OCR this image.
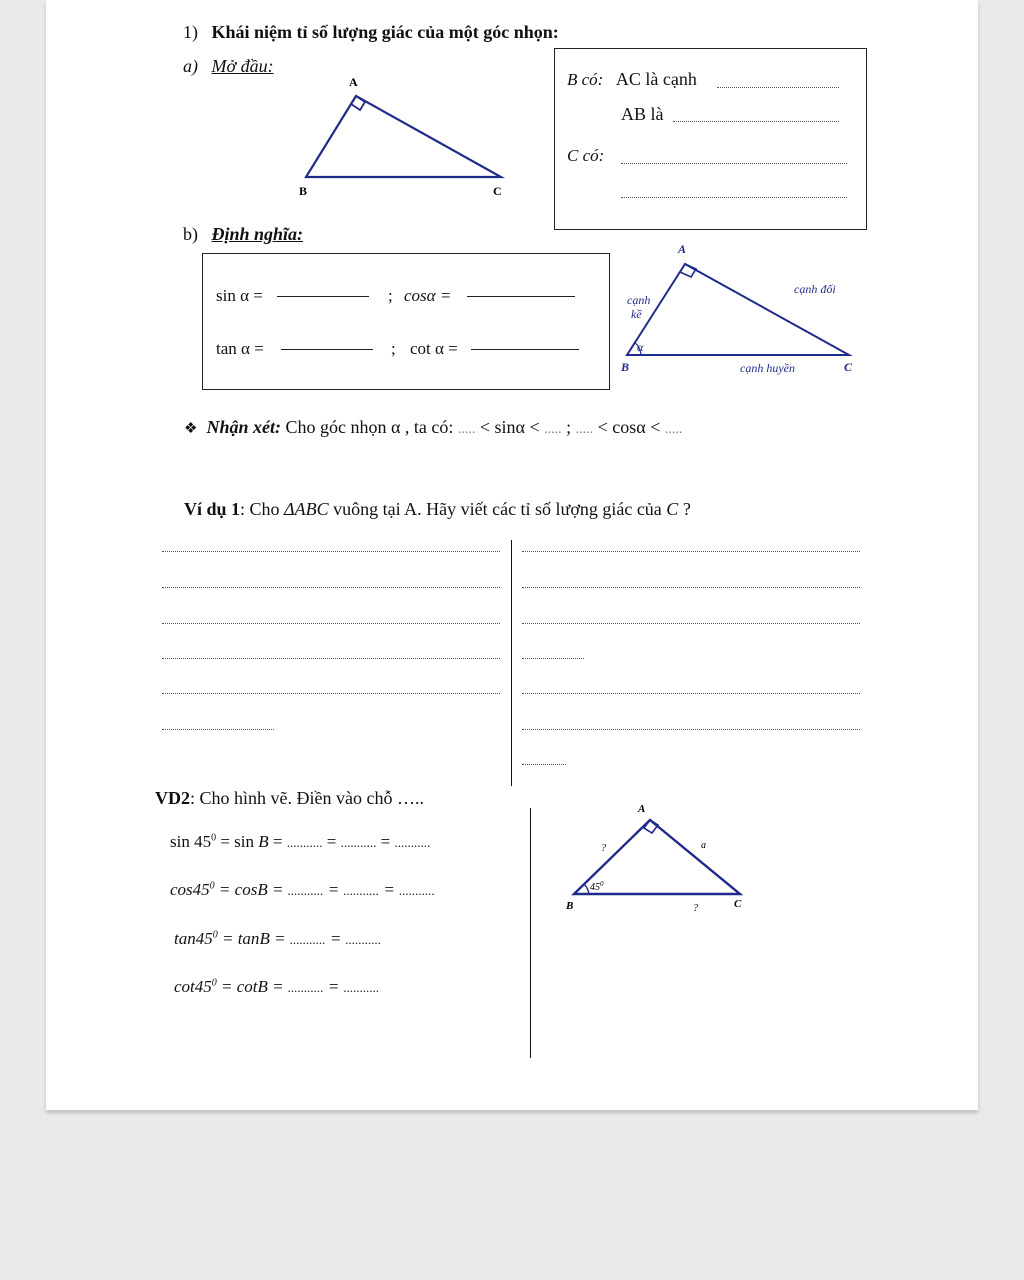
1) Khái niệm tỉ số lượng giác của một góc nhọn:
a) Mở đầu:
A
B	C
B có: AC là cạnh
AB là
C có:
b) Định nghĩa:
sin α =	; cosα =
tan α =	; cot α =
A
B	C
cạnh đối
cạnh
kề
cạnh huyền
α
❖ Nhận xét: Cho góc nhọn α , ta có: ..... < sinα < ..... ; ..... < cosα < .....
Ví dụ 1: Cho ΔABC vuông tại A. Hãy viết các tỉ số lượng giác của C ?
VD2: Cho hình vẽ. Điền vào chỗ …..
$\sin 45^0 = \sin B$ = ........... = ........... = ...........
$\cos 45^0 = \cos B$ = ........... = ........... = ...........
$\tan 45^0 = \tan B$ = ........... = ...........
$\cot 45^0 = \cot B$ = ........... = ...........
A
B	C
$45^0$
?
?
a
